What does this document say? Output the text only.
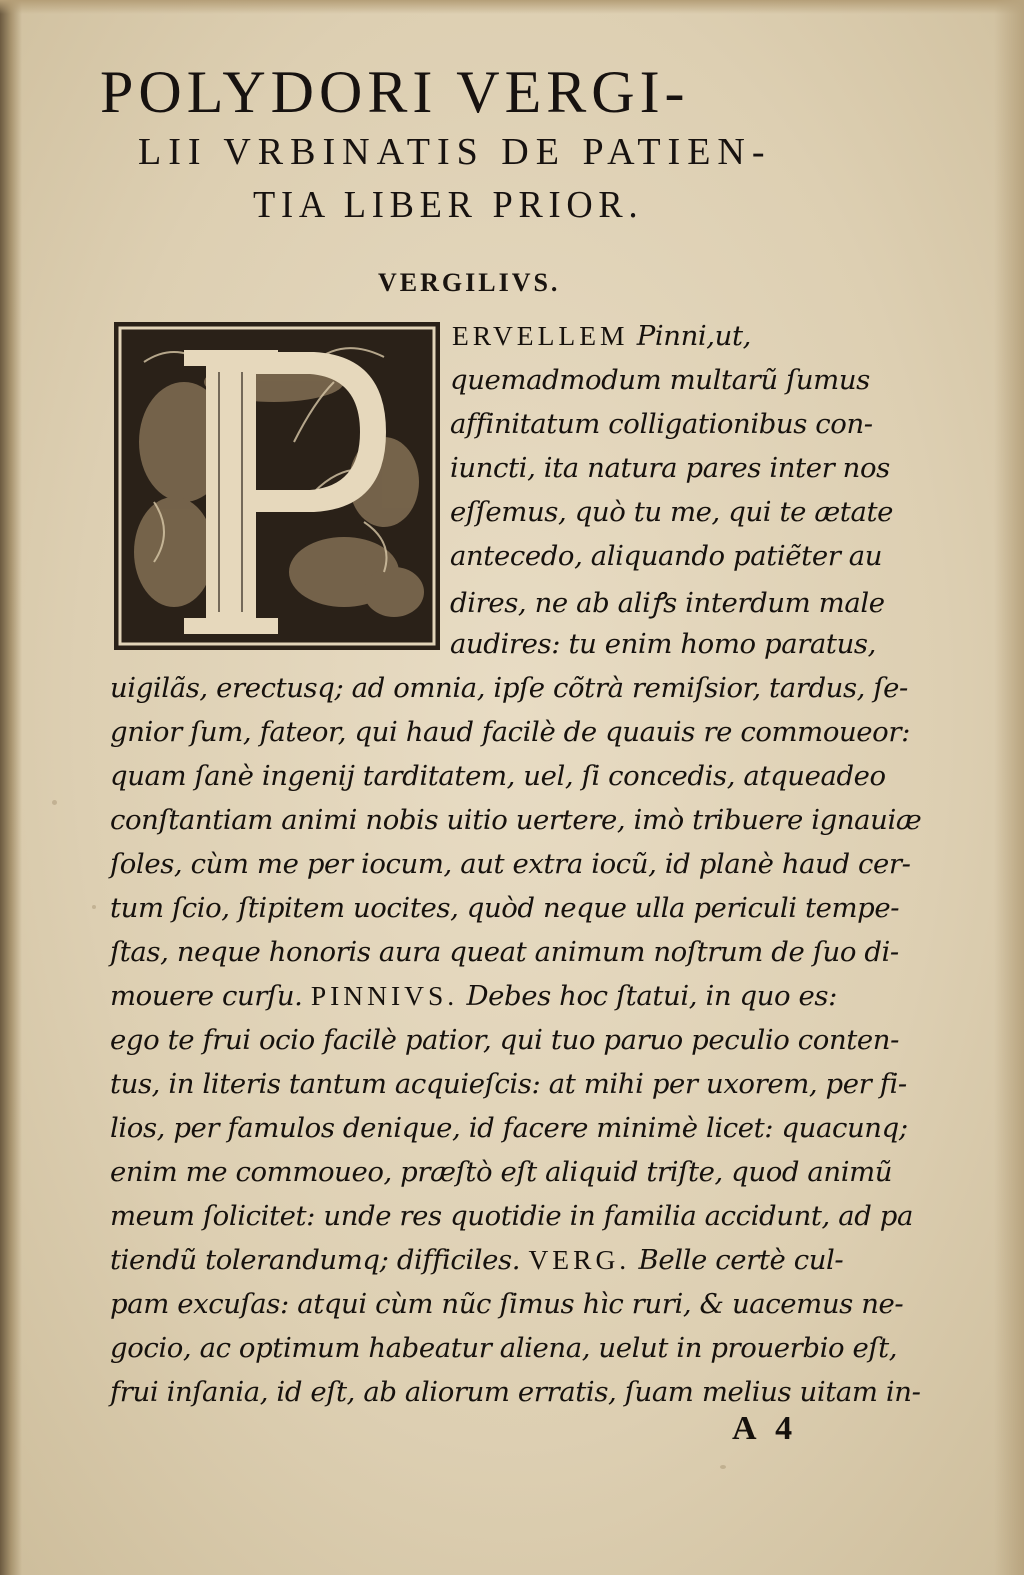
POLYDORI VERGI-
LII VRBINATIS DE PATIEN-
TIA LIBER PRIOR.
VERGILIVS.
ERVELLEM Pinni,ut,
quemadmodum multarũ ſumus
affinitatum colligationibus con-
iuncti, ita natura pares inter nos
eſſemus, quò tu me, qui te ætate
antecedo, aliquando patiẽter au
dires, ne ab aliꝭs interdum male
audires: tu enim homo paratus,
uigilãs, erectusq; ad omnia, ipſe cõtrà remiſsior, tardus, ſe-
gnior ſum, fateor, qui haud facilè de quauis re commoueor:
quam ſanè ingenij tarditatem, uel, ſi concedis, atqueadeo
conſtantiam animi nobis uitio uertere, imò tribuere ignauiæ
ſoles, cùm me per iocum, aut extra iocũ, id planè haud cer-
tum ſcio, ſtipitem uocites, quòd neque ulla periculi tempe-
ſtas, neque honoris aura queat animum noſtrum de ſuo di-
mouere curſu. PINNIVS. Debes hoc ſtatui, in quo es:
ego te frui ocio facilè patior, qui tuo paruo peculio conten-
tus, in literis tantum acquieſcis: at mihi per uxorem, per fi-
lios, per famulos denique, id facere minimè licet: quacunq;
enim me commoueo, præſtò eſt aliquid triſte, quod animũ
meum ſolicitet: unde res quotidie in familia accidunt, ad pa
tiendũ tolerandumq; difficiles. VERG. Belle certè cul-
pam excuſas: atqui cùm nũc ſimus hìc ruri, & uacemus ne-
gocio, ac optimum habeatur aliena, uelut in prouerbio eſt,
frui inſania, id eſt, ab aliorum erratis, ſuam melius uitam in-
A 4
